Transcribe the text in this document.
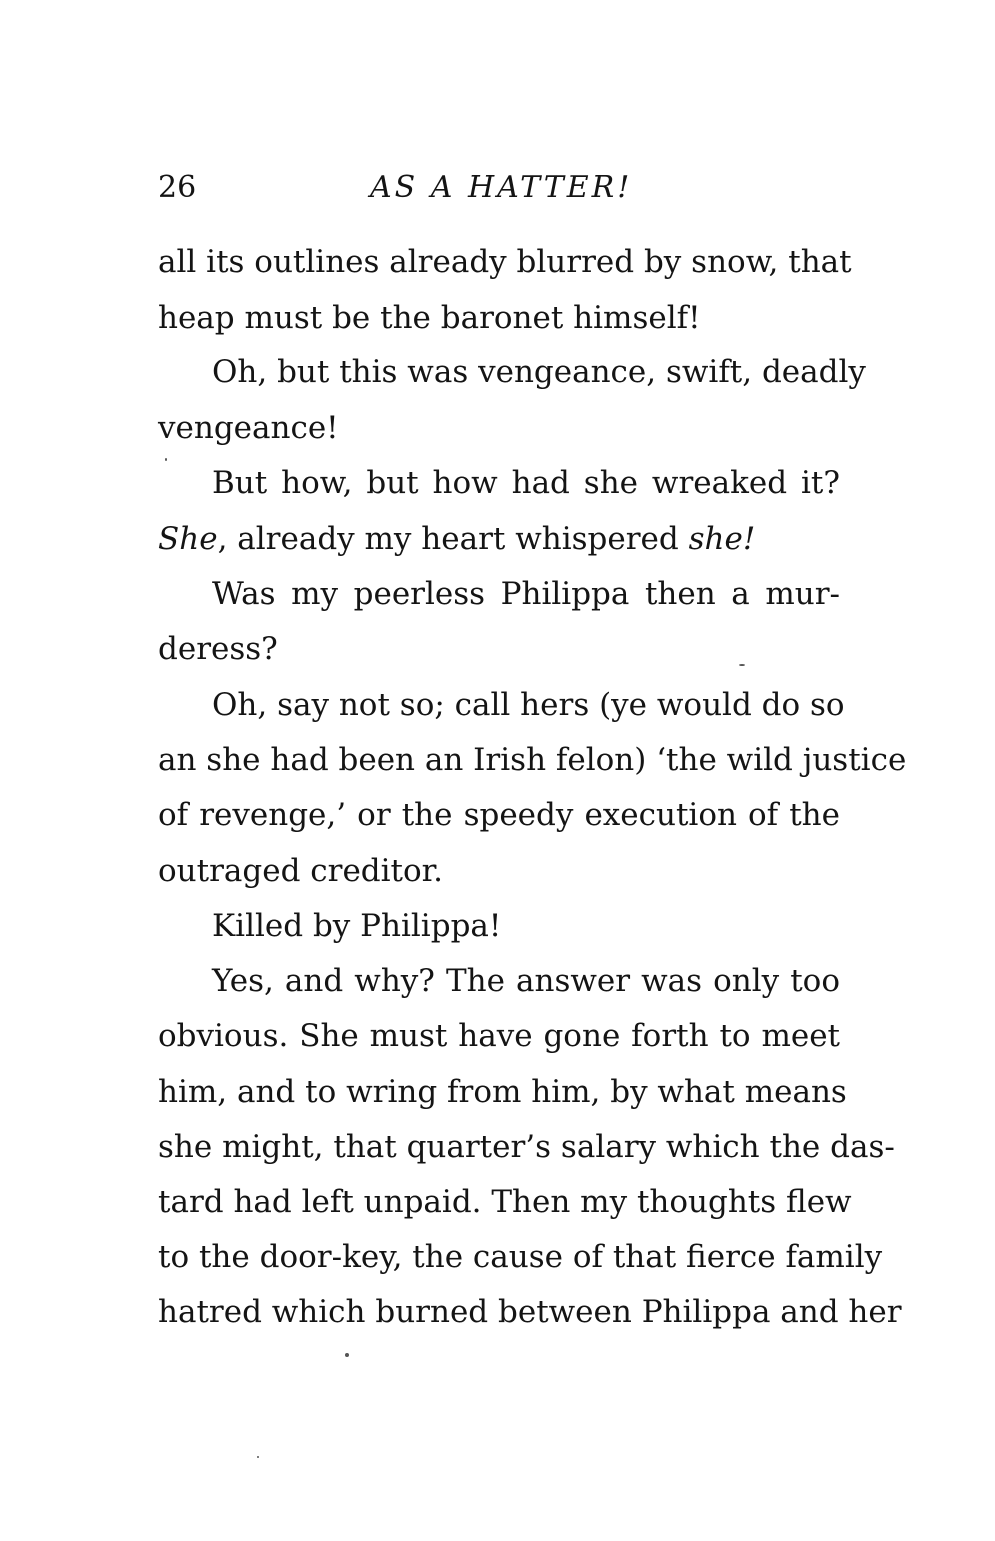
26	AS A HATTER!
all its outlines already blurred by snow, that
heap must be the baronet himself!
Oh, but this was vengeance, swift, deadly
vengeance!
But how, but how had she wreaked it?
She, already my heart whispered she!
Was my peerless Philippa then a mur-
deress?
Oh, say not so; call hers (ye would do so
an she had been an Irish felon) ‘the wild justice
of revenge,’ or the speedy execution of the
outraged creditor.
Killed by Philippa!
Yes, and why? The answer was only too
obvious. She must have gone forth to meet
him, and to wring from him, by what means
she might, that quarter’s salary which the das-
tard had left unpaid. Then my thoughts flew
to the door-key, the cause of that fierce family
hatred which burned between Philippa and her
